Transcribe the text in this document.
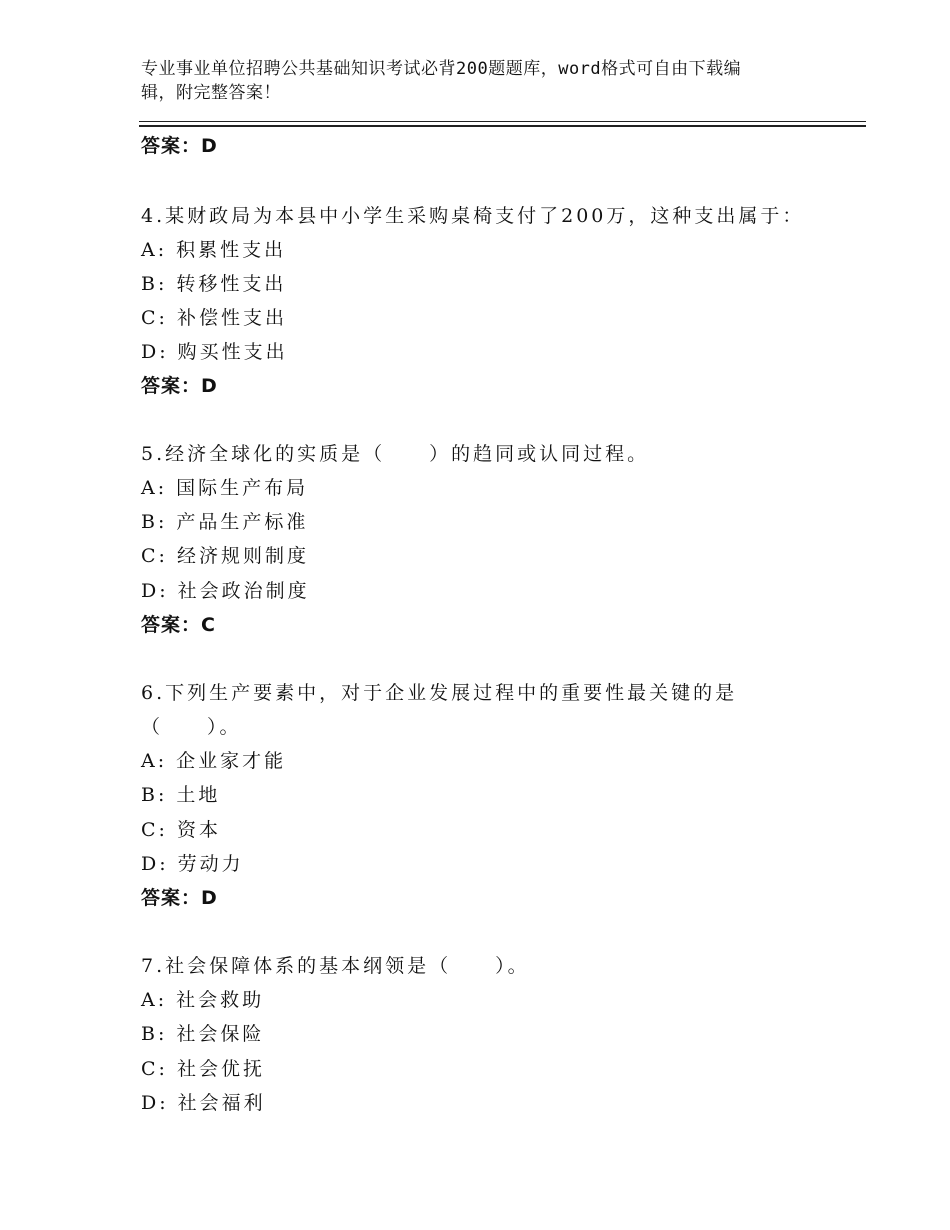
专业事业单位招聘公共基础知识考试必背200题题库，word格式可自由下载编
辑，附完整答案！
答案：D
4.某财政局为本县中小学生采购桌椅支付了200万，这种支出属于：
A: 积累性支出
B: 转移性支出
C: 补偿性支出
D: 购买性支出
答案：D
5.经济全球化的实质是（　　）的趋同或认同过程。
A: 国际生产布局
B: 产品生产标准
C: 经济规则制度
D: 社会政治制度
答案：C
6.下列生产要素中，对于企业发展过程中的重要性最关键的是
（　　）。
A: 企业家才能
B: 土地
C: 资本
D: 劳动力
答案：D
7.社会保障体系的基本纲领是（　　）。
A: 社会救助
B: 社会保险
C: 社会优抚
D: 社会福利
